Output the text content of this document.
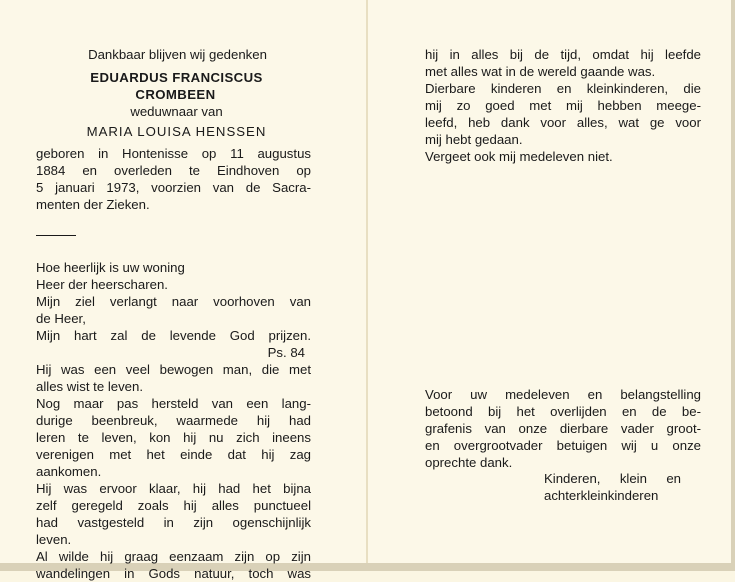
Dankbaar blijven wij gedenken
EDUARDUS FRANCISCUS
CROMBEEN
weduwnaar van
MARIA LOUISA HENSSEN
geboren in Hontenisse op 11 augustus
1884 en overleden te Eindhoven op
5 januari 1973, voorzien van de Sacra-
menten der Zieken.
Hoe heerlijk is uw woning
Heer der heerscharen.
Mijn ziel verlangt naar voorhoven van
de Heer,
Mijn hart zal de levende God prijzen.
Ps. 84
Hij was een veel bewogen man, die met
alles wist te leven.
Nog maar pas hersteld van een lang-
durige beenbreuk, waarmede hij had
leren te leven, kon hij nu zich ineens
verenigen met het einde dat hij zag
aankomen.
Hij was ervoor klaar, hij had het bijna
zelf geregeld zoals hij alles punctueel
had vastgesteld in zijn ogenschijnlijk
leven.
Al wilde hij graag eenzaam zijn op zijn
wandelingen in Gods natuur, toch was
hij in alles bij de tijd, omdat hij leefde
met alles wat in de wereld gaande was.
Dierbare kinderen en kleinkinderen, die
mij zo goed met mij hebben meege-
leefd, heb dank voor alles, wat ge voor
mij hebt gedaan.
Vergeet ook mij medeleven niet.
Voor uw medeleven en belangstelling
betoond bij het overlijden en de be-
grafenis van onze dierbare vader groot-
en overgrootvader betuigen wij u onze
oprechte dank.
Kinderen, klein en
achterkleinkinderen
